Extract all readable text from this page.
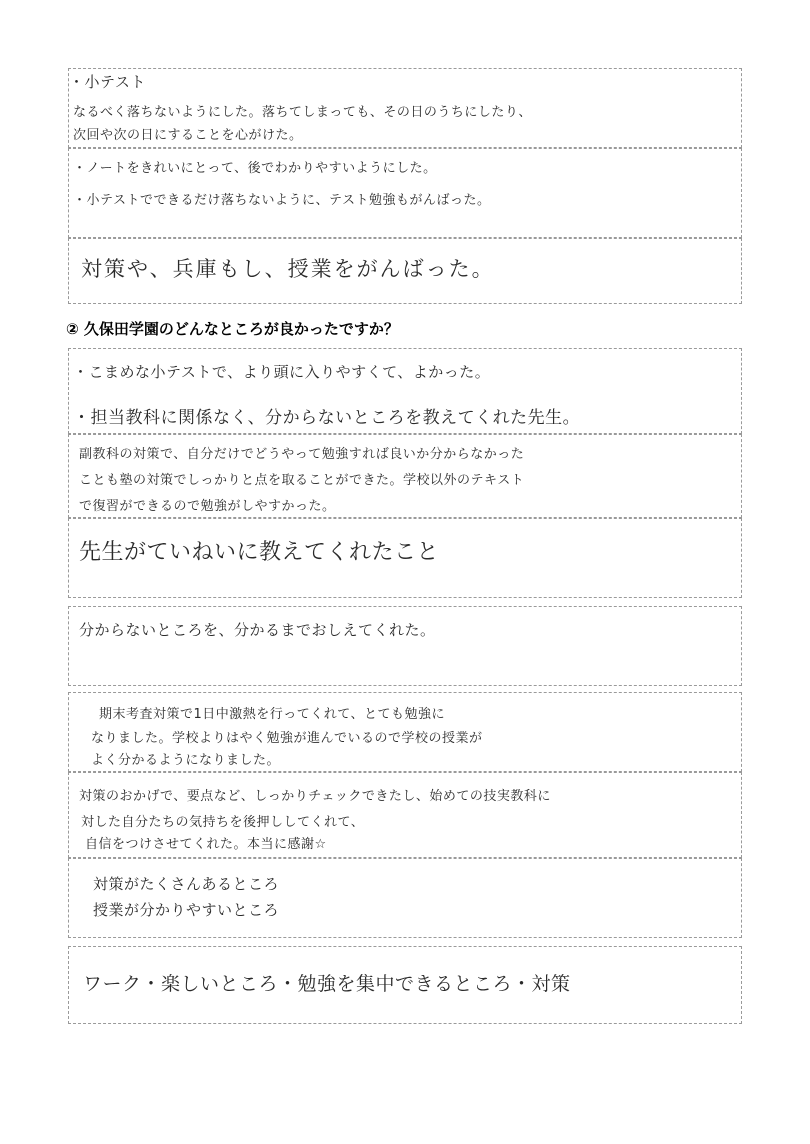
・小テスト
なるべく落ちないようにした。落ちてしまっても、その日のうちにしたり、
次回や次の日にすることを心がけた。
・ノートをきれいにとって、後でわかりやすいようにした。
・小テストでできるだけ落ちないように、テスト勉強もがんばった。
対策や、兵庫もし、授業をがんばった。
② 久保田学園のどんなところが良かったですか？
・こまめな小テストで、より頭に入りやすくて、よかった。
・担当教科に関係なく、分からないところを教えてくれた先生。
副教科の対策で、自分だけでどうやって勉強すれば良いか分からなかった
ことも塾の対策でしっかりと点を取ることができた。学校以外のテキスト
で復習ができるので勉強がしやすかった。
先生がていねいに教えてくれたこと
分からないところを、分かるまでおしえてくれた。
期末考査対策で1日中激熱を行ってくれて、とても勉強に
なりました。学校よりはやく勉強が進んでいるので学校の授業が
よく分かるようになりました。
対策のおかげで、要点など、しっかりチェックできたし、始めての技実教科に
対した自分たちの気持ちを後押ししてくれて、
自信をつけさせてくれた。本当に感謝☆
対策がたくさんあるところ
授業が分かりやすいところ
ワーク・楽しいところ・勉強を集中できるところ・対策
